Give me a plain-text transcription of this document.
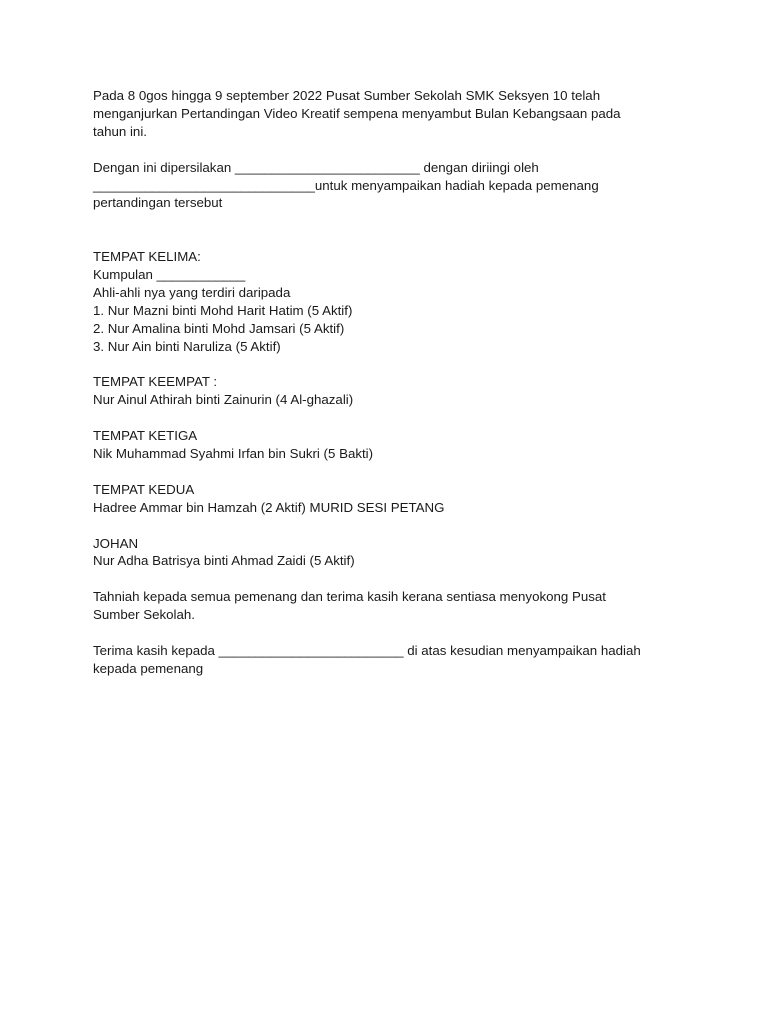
Pada 8 0gos hingga 9 september 2022 Pusat Sumber Sekolah SMK Seksyen 10 telah
menganjurkan Pertandingan Video Kreatif sempena menyambut Bulan Kebangsaan pada
tahun ini.
Dengan ini dipersilakan _________________________ dengan diriingi oleh
______________________________untuk menyampaikan hadiah kepada pemenang
pertandingan tersebut
TEMPAT KELIMA:
Kumpulan ____________
Ahli-ahli nya yang terdiri daripada
1. Nur Mazni binti Mohd Harit Hatim (5 Aktif)
2. Nur Amalina binti Mohd Jamsari (5 Aktif)
3. Nur Ain binti Naruliza (5 Aktif)
TEMPAT KEEMPAT :
Nur Ainul Athirah binti Zainurin (4 Al-ghazali)
TEMPAT KETIGA
Nik Muhammad Syahmi Irfan bin Sukri (5 Bakti)
TEMPAT KEDUA
Hadree Ammar bin Hamzah (2 Aktif) MURID SESI PETANG
JOHAN
Nur Adha Batrisya binti Ahmad Zaidi (5 Aktif)
Tahniah kepada semua pemenang dan terima kasih kerana sentiasa menyokong Pusat
Sumber Sekolah.
Terima kasih kepada _________________________ di atas kesudian menyampaikan hadiah
kepada pemenang
